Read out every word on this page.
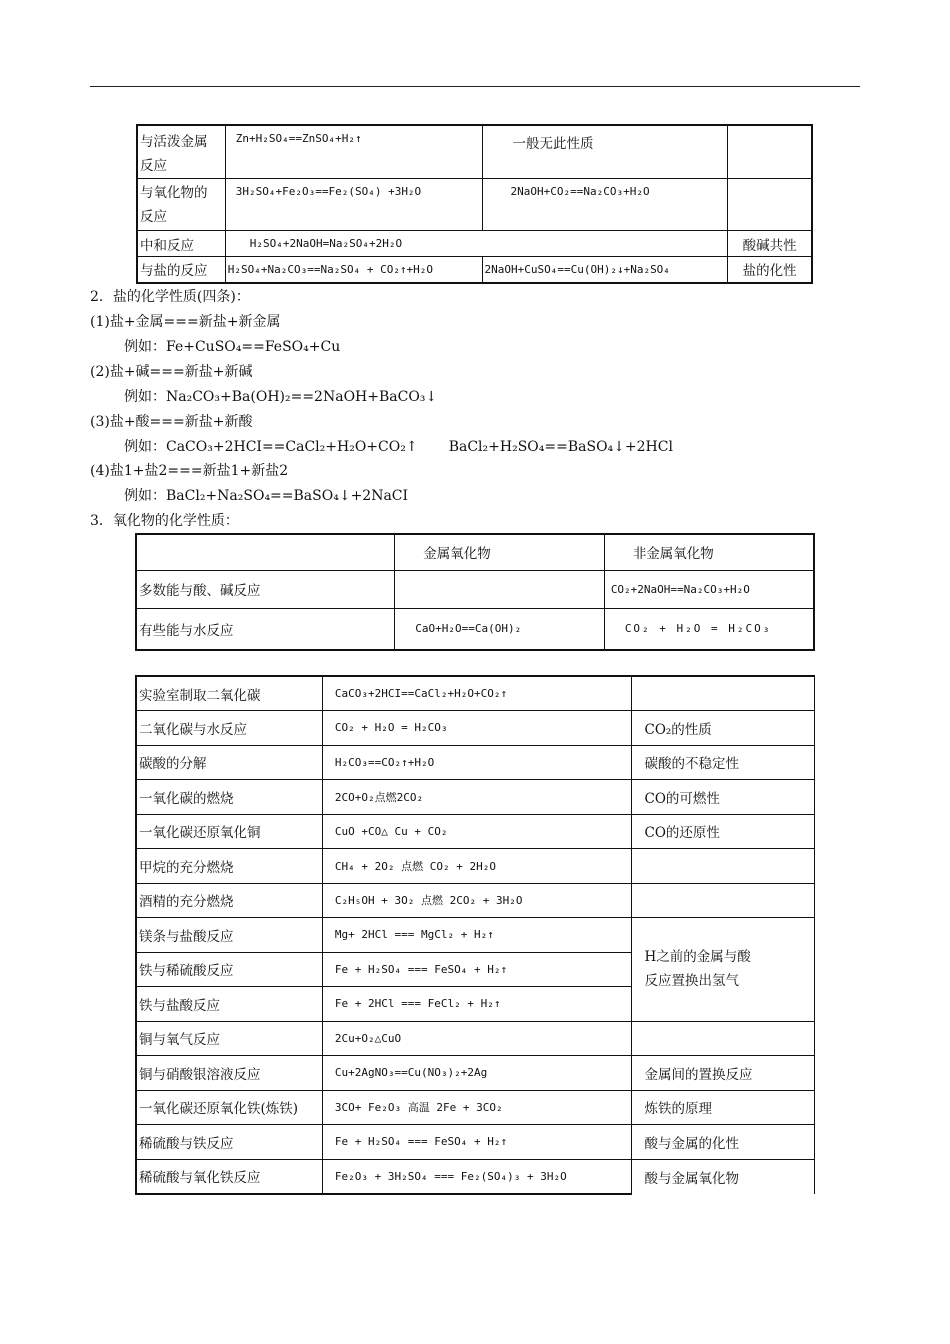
与活泼金属
反应	Zn+H₂SO₄==ZnSO₄+H₂↑	一般无此性质	
与氧化物的
反应	3H₂SO₄+Fe₂O₃==Fe₂(SO₄) +3H₂O	2NaOH+CO₂==Na₂CO₃+H₂O	
中和反应	H₂SO₄+2NaOH=Na₂SO₄+2H₂O		酸碱共性
与盐的反应	H₂SO₄+Na₂CO₃==Na₂SO₄ + CO₂↑+H₂O	2NaOH+CuSO₄==Cu(OH)₂↓+Na₂SO₄	盐的化性
2．盐的化学性质(四条)：
(1)盐+金属===新盐+新金属
例如：Fe+CuSO₄==FeSO₄+Cu
(2)盐+碱===新盐+新碱
例如：Na₂CO₃+Ba(OH)₂==2NaOH+BaCO₃↓
(3)盐+酸===新盐+新酸
例如：CaCO₃+2HCI==CaCl₂+H₂O+CO₂↑       BaCl₂+H₂SO₄==BaSO₄↓+2HCl
(4)盐1+盐2===新盐1+新盐2
例如：BaCl₂+Na₂SO₄==BaSO₄↓+2NaCI
3．氧化物的化学性质：
	金属氧化物	非金属氧化物
多数能与酸、碱反应		CO₂+2NaOH==Na₂CO₃+H₂O
有些能与水反应	CaO+H₂O==Ca(OH)₂	CO₂ + H₂O = H₂CO₃
实验室制取二氧化碳	CaCO₃+2HCI==CaCl₂+H₂O+CO₂↑	
二氧化碳与水反应	CO₂ + H₂O = H₂CO₃	CO₂的性质
碳酸的分解	H₂CO₃==CO₂↑+H₂O	碳酸的不稳定性
一氧化碳的燃烧	2CO+O₂点燃2CO₂	CO的可燃性
一氧化碳还原氧化铜	CuO +CO△ Cu + CO₂	CO的还原性
甲烷的充分燃烧	CH₄ + 2O₂ 点燃 CO₂ + 2H₂O	
酒精的充分燃烧	C₂H₅OH + 3O₂ 点燃 2CO₂ + 3H₂O	
镁条与盐酸反应	Mg+ 2HCl === MgCl₂ + H₂↑	H之前的金属与酸
反应置换出氢气

铁与稀硫酸反应	Fe + H₂SO₄ === FeSO₄ + H₂↑	
铁与盐酸反应	Fe + 2HCl === FeCl₂ + H₂↑	
铜与氧气反应	2Cu+O₂△CuO	
铜与硝酸银溶液反应	Cu+2AgNO₃==Cu(NO₃)₂+2Ag	金属间的置换反应
一氧化碳还原氧化铁(炼铁)	3CO+ Fe₂O₃ 高温 2Fe + 3CO₂	炼铁的原理
稀硫酸与铁反应	Fe + H₂SO₄ === FeSO₄ + H₂↑	酸与金属的化性
稀硫酸与氧化铁反应	Fe₂O₃ + 3H₂SO₄ === Fe₂(SO₄)₃ + 3H₂O	酸与金属氧化物
